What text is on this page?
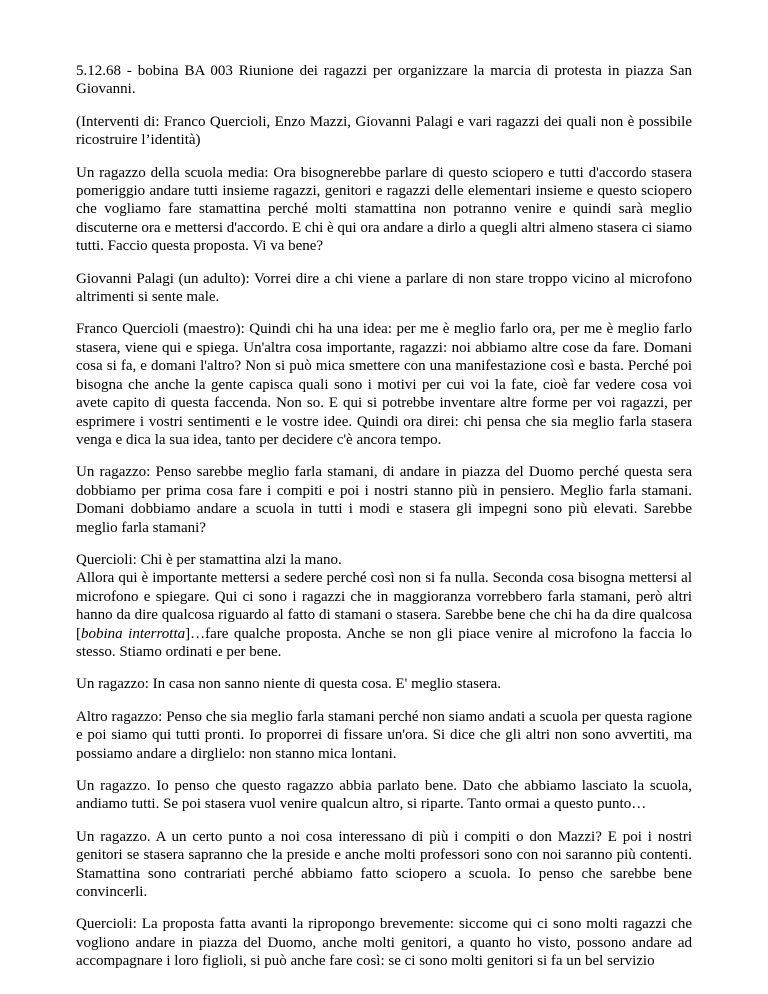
5.12.68 - bobina BA 003 Riunione dei ragazzi per organizzare la marcia di protesta in piazza San Giovanni.

(Interventi di: Franco Quercioli, Enzo Mazzi, Giovanni Palagi e vari ragazzi dei quali non è possibile ricostruire l’identità)

Un ragazzo della scuola media: Ora bisognerebbe parlare di questo sciopero e tutti d'accordo stasera pomeriggio andare tutti insieme ragazzi, genitori e ragazzi delle elementari insieme e questo sciopero che vogliamo fare stamattina perché molti stamattina non potranno venire e quindi sarà meglio discuterne ora e mettersi d'accordo. E chi è qui ora andare a dirlo a quegli altri almeno stasera ci siamo tutti. Faccio questa proposta. Vi va bene?

Giovanni Palagi (un adulto): Vorrei dire a chi viene a parlare di non stare troppo vicino al microfono altrimenti si sente male.

Franco Quercioli (maestro): Quindi chi ha una idea: per me è meglio farlo ora, per me è meglio farlo stasera, viene qui e spiega. Un'altra cosa importante, ragazzi: noi abbiamo altre cose da fare. Domani cosa si fa, e domani l'altro? Non si può mica smettere con una manifestazione così e basta. Perché poi bisogna che anche la gente capisca quali sono i motivi per cui voi la fate, cioè far vedere cosa voi avete capito di questa faccenda. Non so. E qui si potrebbe inventare altre forme per voi ragazzi, per esprimere i vostri sentimenti e le vostre idee. Quindi ora direi: chi pensa che sia meglio farla stasera venga e dica la sua idea, tanto per decidere c'è ancora tempo.

Un ragazzo: Penso sarebbe meglio farla stamani, di andare in piazza del Duomo perché questa sera dobbiamo per prima cosa fare i compiti e poi i nostri stanno più in pensiero. Meglio farla stamani. Domani dobbiamo andare a scuola in tutti i modi e stasera gli impegni sono più elevati. Sarebbe meglio farla stamani?

Quercioli: Chi è per stamattina alzi la mano.

Allora qui è importante mettersi a sedere perché così non si fa nulla. Seconda cosa bisogna mettersi al microfono e spiegare. Qui ci sono i ragazzi che in maggioranza vorrebbero farla stamani, però altri hanno da dire qualcosa riguardo al fatto di stamani o stasera. Sarebbe bene che chi ha da dire qualcosa [bobina interrotta]…fare qualche proposta. Anche se non gli piace venire al microfono la faccia lo stesso. Stiamo ordinati e per bene.

Un ragazzo: In casa non sanno niente di questa cosa. E' meglio stasera.

Altro ragazzo: Penso che sia meglio farla stamani perché non siamo andati a scuola per questa ragione e poi siamo qui tutti pronti. Io proporrei di fissare un'ora. Si dice che gli altri non sono avvertiti, ma possiamo andare a dirglielo: non stanno mica lontani.

Un ragazzo. Io penso che questo ragazzo abbia parlato bene. Dato che abbiamo lasciato la scuola, andiamo tutti. Se poi stasera vuol venire qualcun altro, si riparte. Tanto ormai a questo punto…

Un ragazzo. A un certo punto a noi cosa interessano di più i compiti o don Mazzi? E poi i nostri genitori se stasera sapranno che la preside e anche molti professori sono con noi saranno più contenti. Stamattina sono contrariati perché abbiamo fatto sciopero a scuola. Io penso che sarebbe bene convincerli.

Quercioli: La proposta fatta avanti la ripropongo brevemente: siccome qui ci sono molti ragazzi che vogliono andare in piazza del Duomo, anche molti genitori, a quanto ho visto, possono andare ad accompagnare i loro figlioli, si può anche fare così: se ci sono molti genitori si fa un bel servizio
